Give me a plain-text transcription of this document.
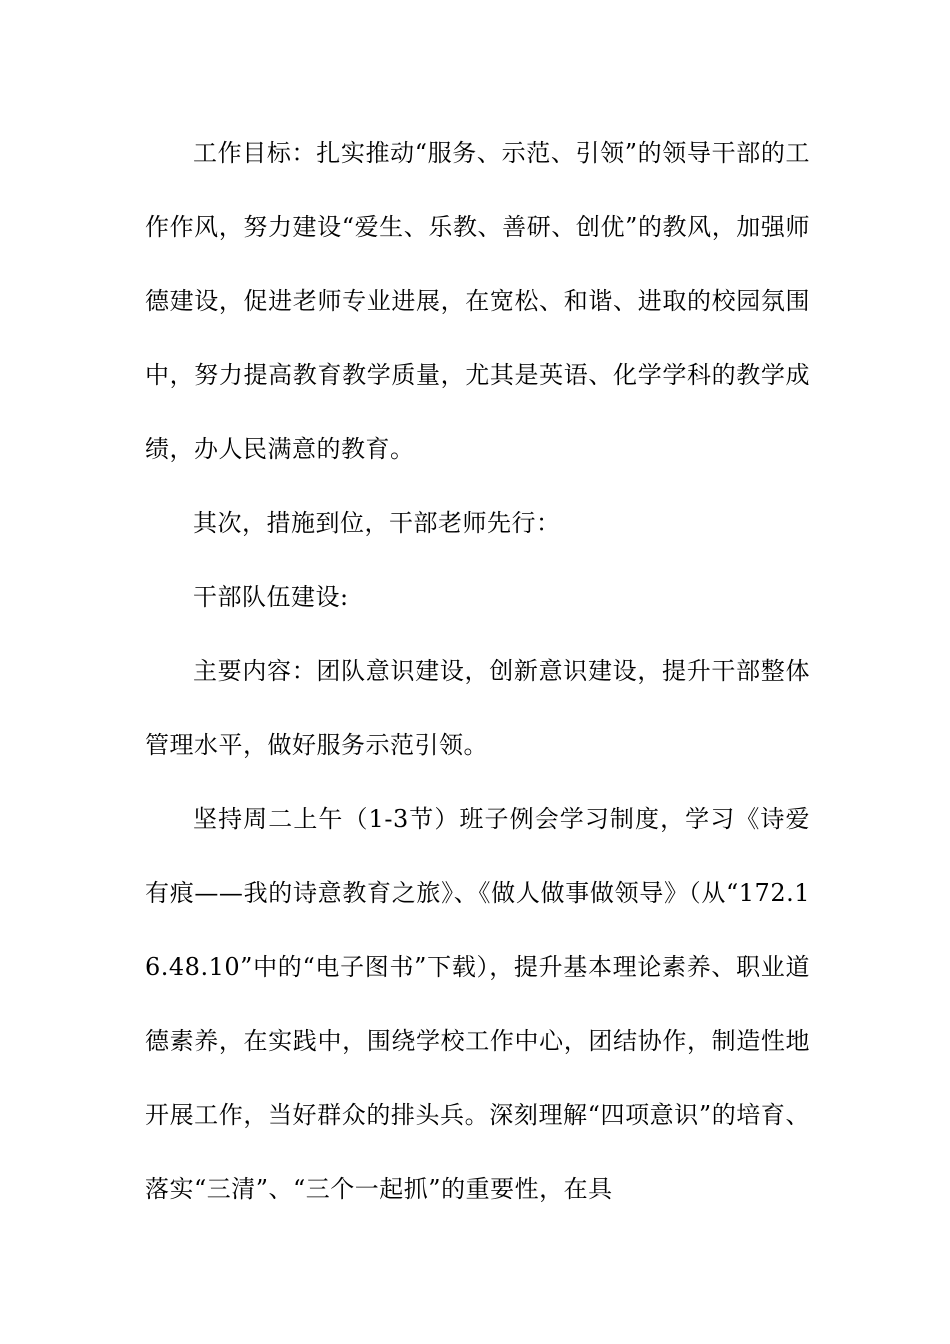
工作目标：扎实推动“服务、示范、引领”的领导干部的工作作风，努力建设“爱生、乐教、善研、创优”的教风，加强师德建设，促进老师专业进展，在宽松、和谐、进取的校园氛围中，努力提高教育教学质量，尤其是英语、化学学科的教学成绩，办人民满意的教育。

其次，措施到位，干部老师先行：

干部队伍建设:

主要内容：团队意识建设，创新意识建设，提升干部整体管理水平，做好服务示范引领。

坚持周二上午（1-3节）班子例会学习制度，学习《诗爱有痕——我的诗意教育之旅》、《做人做事做领导》（从“172.16.48.10”中的“电子图书”下载），提升基本理论素养、职业道德素养，在实践中，围绕学校工作中心，团结协作，制造性地开展工作，当好群众的排头兵。深刻理解“四项意识”的培育、落实“三清”、“三个一起抓”的重要性，在具
